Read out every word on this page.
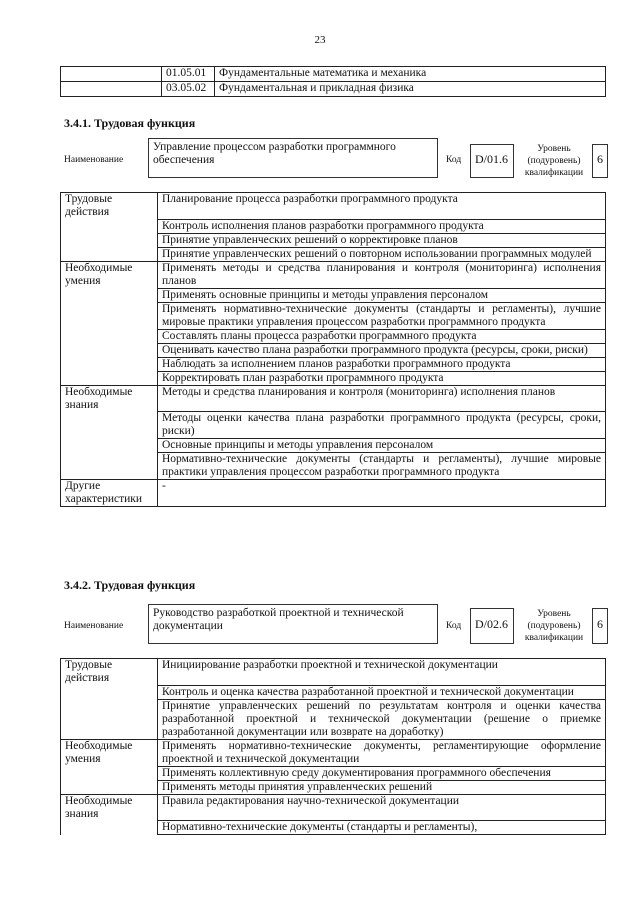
23
	01.05.01	Фундаментальные математика и механика
	03.05.02	Фундаментальная и прикладная физика
3.4.1. Трудовая функция
Наименование
Управление процессом разработки программного обеспечения	Код	D/01.6
Уровень
(подуровень)
квалификации
6
Трудовые действия	Планирование процесса разработки программного продукта
	Контроль исполнения планов разработки программного продукта
	Принятие управленческих решений о корректировке планов
	Принятие управленческих решений о повторном использовании программных модулей
Необходимые умения	Применять методы и средства планирования и контроля (мониторинга) исполнения планов
	Применять основные принципы и методы управления персоналом
	Применять нормативно-технические документы (стандарты и регламенты), лучшие мировые практики управления процессом разработки программного продукта
	Составлять планы процесса разработки программного продукта
	Оценивать качество плана разработки программного продукта (ресурсы, сроки, риски)
	Наблюдать за исполнением планов разработки программного продукта
	Корректировать план разработки программного продукта
Необходимые знания	Методы и средства планирования и контроля (мониторинга) исполнения планов
	Методы оценки качества плана разработки программного продукта (ресурсы, сроки, риски)
	Основные принципы и методы управления персоналом
	Нормативно-технические документы (стандарты и регламенты), лучшие мировые практики управления процессом разработки программного продукта
Другие характеристики	-
3.4.2. Трудовая функция
Наименование
Руководство разработкой проектной и технической документации	Код	D/02.6
Уровень
(подуровень)
квалификации
6
Трудовые действия	Инициирование разработки проектной и технической документации
	Контроль и оценка качества разработанной проектной и технической документации
	Принятие управленческих решений по результатам контроля и оценки качества разработанной проектной и технической документации (решение о приемке разработанной документации или возврате на доработку)
Необходимые умения	Применять нормативно-технические документы, регламентирующие оформление проектной и технической документации
	Применять коллективную среду документирования программного обеспечения
	Применять методы принятия управленческих решений
Необходимые знания	Правила редактирования научно-технической документации
	Нормативно-технические документы (стандарты и регламенты),
